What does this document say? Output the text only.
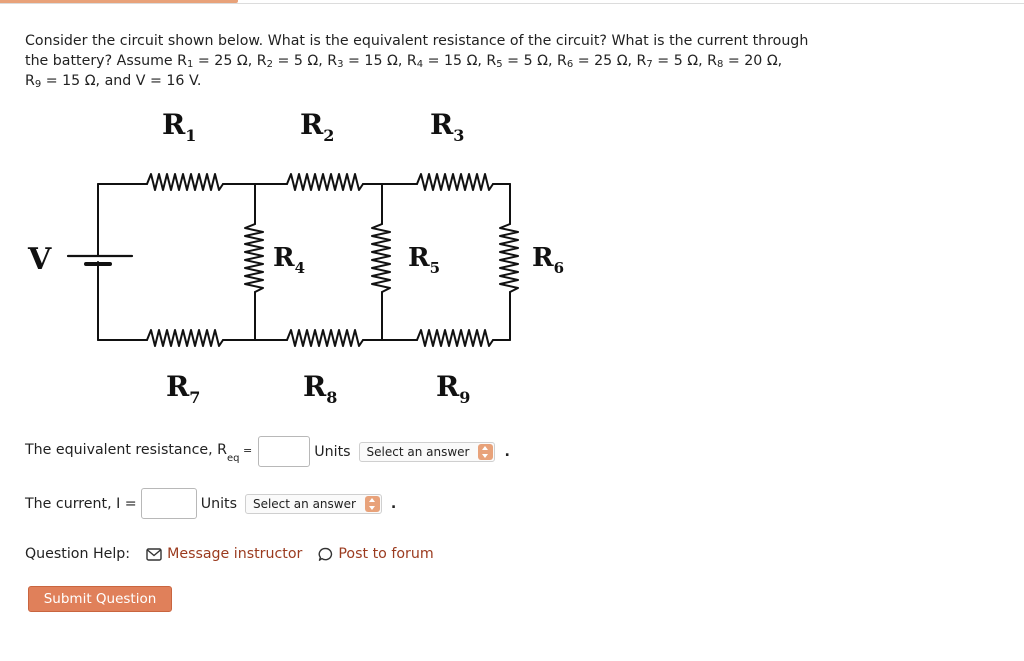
Consider the circuit shown below. What is the equivalent resistance of the circuit? What is the current through
the battery? Assume $R_1 = 25$ Ω, $R_2 = 5$ Ω, $R_3 = 15$ Ω, $R_4 = 15$ Ω, $R_5 = 5$ Ω, $R_6 = 25$ Ω, $R_7 = 5$ Ω, $R_8 = 20$ Ω,
$R_9 = 15$ Ω, and V = 16 V.
V
$R_1$	$R_2$	$R_3$
$R_4$	$R_5$	$R_6$
$R_7$	$R_8$	$R_9$
The equivalent resistance, $R_{eq}$ =	Units Select an answer .
The current, I =	Units Select an answer .
Question Help:	Message instructor	Post to forum
Submit Question
